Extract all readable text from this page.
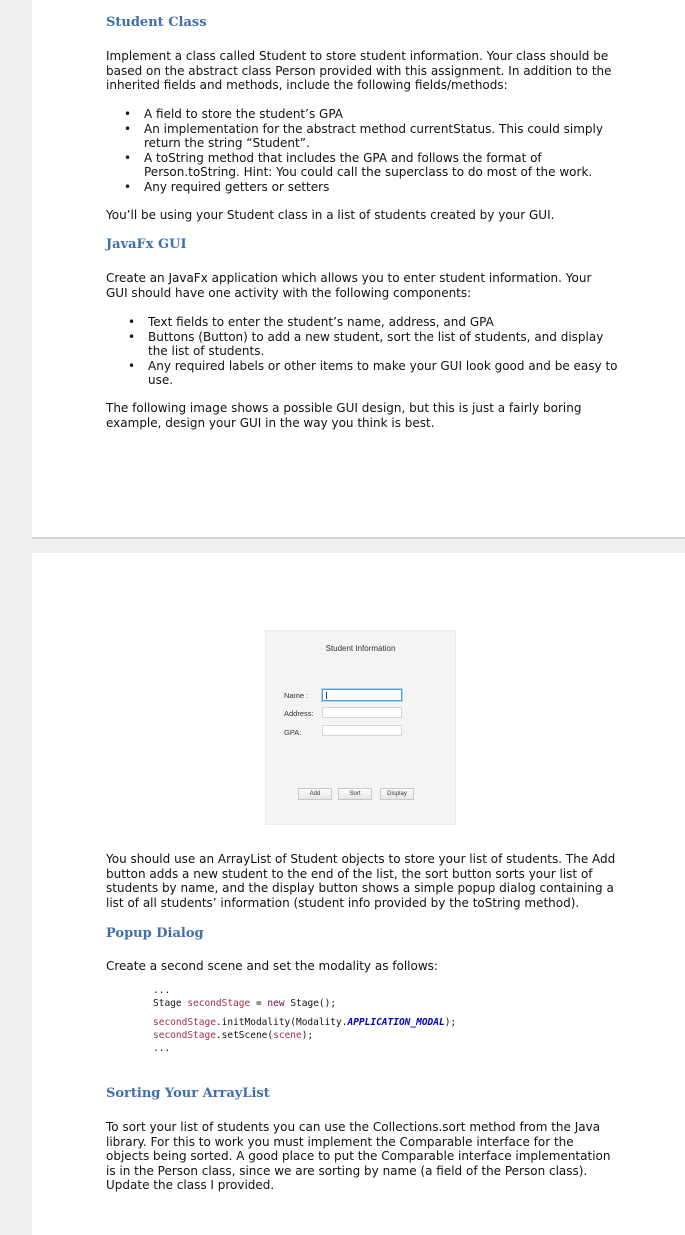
Student Class

Implement a class called Student to store student information. Your class should be based on the abstract class Person provided with this assignment. In addition to the inherited fields and methods, include the following fields/methods:

• A field to store the student’s GPA
• An implementation for the abstract method currentStatus. This could simply return the string “Student”.
• A toString method that includes the GPA and follows the format of Person.toString. Hint: You could call the superclass to do most of the work.
• Any required getters or setters

You’ll be using your Student class in a list of students created by your GUI.

JavaFx GUI

Create an JavaFx application which allows you to enter student information. Your GUI should have one activity with the following components:

• Text fields to enter the student’s name, address, and GPA
• Buttons (Button) to add a new student, sort the list of students, and display the list of students.
• Any required labels or other items to make your GUI look good and be easy to use.

The following image shows a possible GUI design, but this is just a fairly boring example, design your GUI in the way you think is best.

Student Information
Name :
Address:
GPA:
Add	Sort	Display

You should use an ArrayList of Student objects to store your list of students. The Add button adds a new student to the end of the list, the sort button sorts your list of students by name, and the display button shows a simple popup dialog containing a list of all students’ information (student info provided by the toString method).

Popup Dialog

Create a second scene and set the modality as follows:

...
Stage secondStage = new Stage();
secondStage.initModality(Modality.APPLICATION_MODAL);
secondStage.setScene(scene);
...
Sorting Your ArrayList

To sort your list of students you can use the Collections.sort method from the Java library. For this to work you must implement the Comparable interface for the objects being sorted. A good place to put the Comparable interface implementation is in the Person class, since we are sorting by name (a field of the Person class). Update the class I provided.
